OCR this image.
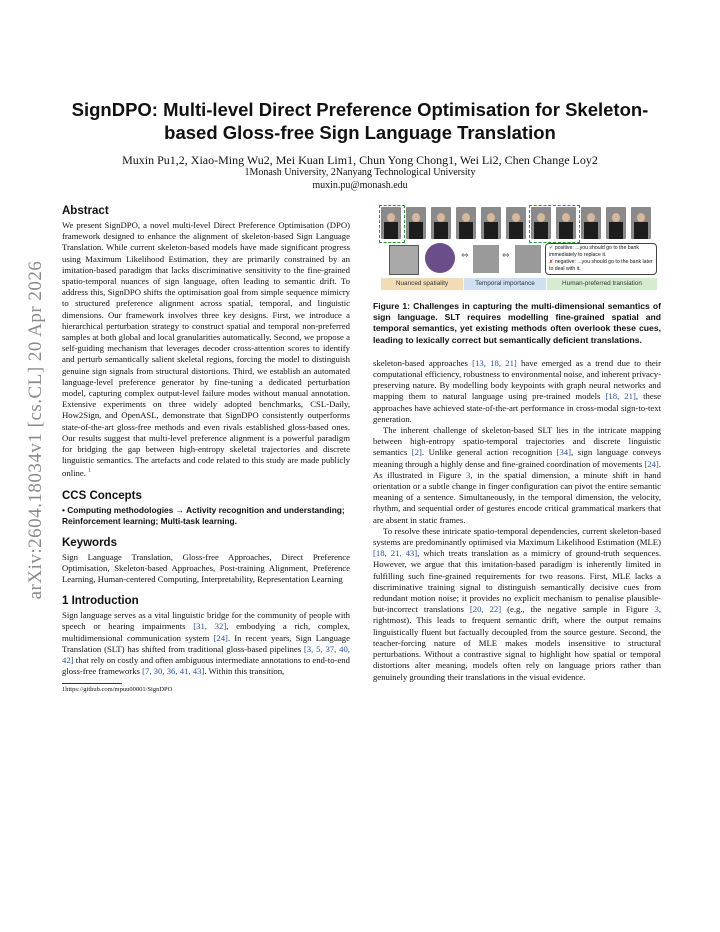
arXiv:2604.18034v1 [cs.CL] 20 Apr 2026
SignDPO: Multi-level Direct Preference Optimisation for Skeleton-based Gloss-free Sign Language Translation
Muxin Pu1,2, Xiao-Ming Wu2, Mei Kuan Lim1, Chun Yong Chong1, Wei Li2, Chen Change Loy2
1Monash University, 2Nanyang Technological University
muxin.pu@monash.edu
Abstract
We present SignDPO, a novel multi-level Direct Preference Optimisation (DPO) framework designed to enhance the alignment of skeleton-based Sign Language Translation. While current skeleton-based models have made significant progress using Maximum Likelihood Estimation, they are primarily constrained by an imitation-based paradigm that lacks discriminative sensitivity to the fine-grained spatio-temporal nuances of sign language, often leading to semantic drift. To address this, SignDPO shifts the optimisation goal from simple sequence mimicry to structured preference alignment across spatial, temporal, and linguistic dimensions. Our framework involves three key designs. First, we introduce a hierarchical perturbation strategy to construct spatial and temporal non-preferred samples at both global and local granularities automatically. Second, we propose a self-guiding mechanism that leverages decoder cross-attention scores to identify and perturb semantically salient skeletal regions, forcing the model to distinguish genuine sign signals from structural distortions. Third, we establish an automated language-level preference generator by fine-tuning a dedicated perturbation model, capturing complex output-level failure modes without manual annotation. Extensive experiments on three widely adopted benchmarks, CSL-Daily, How2Sign, and OpenASL, demonstrate that SignDPO consistently outperforms state-of-the-art gloss-free methods and even rivals established gloss-based ones. Our results suggest that multi-level preference alignment is a powerful paradigm for bridging the gap between high-entropy skeletal trajectories and discrete linguistic semantics. The artefacts and code related to this study are made publicly online. $^1$
CCS Concepts
• Computing methodologies → Activity recognition and understanding; Reinforcement learning; Multi-task learning.
Keywords
Sign Language Translation, Gloss-free Approaches, Direct Preference Optimisation, Skeleton-based Approaches, Post-training Alignment, Preference Learning, Human-centered Computing, Interpretability, Representation Learning
1 Introduction
Sign language serves as a vital linguistic bridge for the community of people with speech or hearing impairments [31, 32], embodying a rich, complex, multidimensional communication system [24]. In recent years, Sign Language Translation (SLT) has shifted from traditional gloss-based pipelines [3, 5, 37, 40, 42] that rely on costly and often ambiguous intermediate annotations to end-to-end gloss-free frameworks [7, 30, 36, 41, 43]. Within this transition,
1https://github.com/mpuu00001/SignDPO
⇔	⇔
✔ positive: ...you should go to the bank immediately to replace it.
✘ negative: ...you should go to the bank later to deal with it.
Nuanced spatiality	Temporal importance	Human-preferred translation
Figure 1: Challenges in capturing the multi-dimensional semantics of sign language. SLT requires modelling fine-grained spatial and temporal semantics, yet existing methods often overlook these cues, leading to lexically correct but semantically deficient translations.

skeleton-based approaches [13, 18, 21] have emerged as a trend due to their computational efficiency, robustness to environmental noise, and inherent privacy-preserving nature. By modelling body keypoints with graph neural networks and mapping them to natural language using pre-trained models [18, 21], these approaches have achieved state-of-the-art performance in cross-modal sign-to-text generation.

The inherent challenge of skeleton-based SLT lies in the intricate mapping between high-entropy spatio-temporal trajectories and discrete linguistic semantics [2]. Unlike general action recognition [34], sign language conveys meaning through a highly dense and fine-grained coordination of movements [24]. As illustrated in Figure 3, in the spatial dimension, a minute shift in hand orientation or a subtle change in finger configuration can pivot the entire semantic meaning of a sentence. Simultaneously, in the temporal dimension, the velocity, rhythm, and sequential order of gestures encode critical grammatical markers that are absent in static frames.

To resolve these intricate spatio-temporal dependencies, current skeleton-based systems are predominantly optimised via Maximum Likelihood Estimation (MLE) [18, 21, 43], which treats translation as a mimicry of ground-truth sequences. However, we argue that this imitation-based paradigm is inherently limited in fulfilling such fine-grained requirements for two reasons. First, MLE lacks a discriminative training signal to distinguish semantically decisive cues from redundant motion noise; it provides no explicit mechanism to penalise plausible-but-incorrect translations [20, 22] (e.g., the negative sample in Figure 3, rightmost). This leads to frequent semantic drift, where the output remains linguistically fluent but factually decoupled from the source gesture. Second, the teacher-forcing nature of MLE makes models insensitive to structural perturbations. Without a contrastive signal to highlight how spatial or temporal distortions alter meaning, models often rely on language priors rather than genuinely grounding their translations in the visual evidence.
